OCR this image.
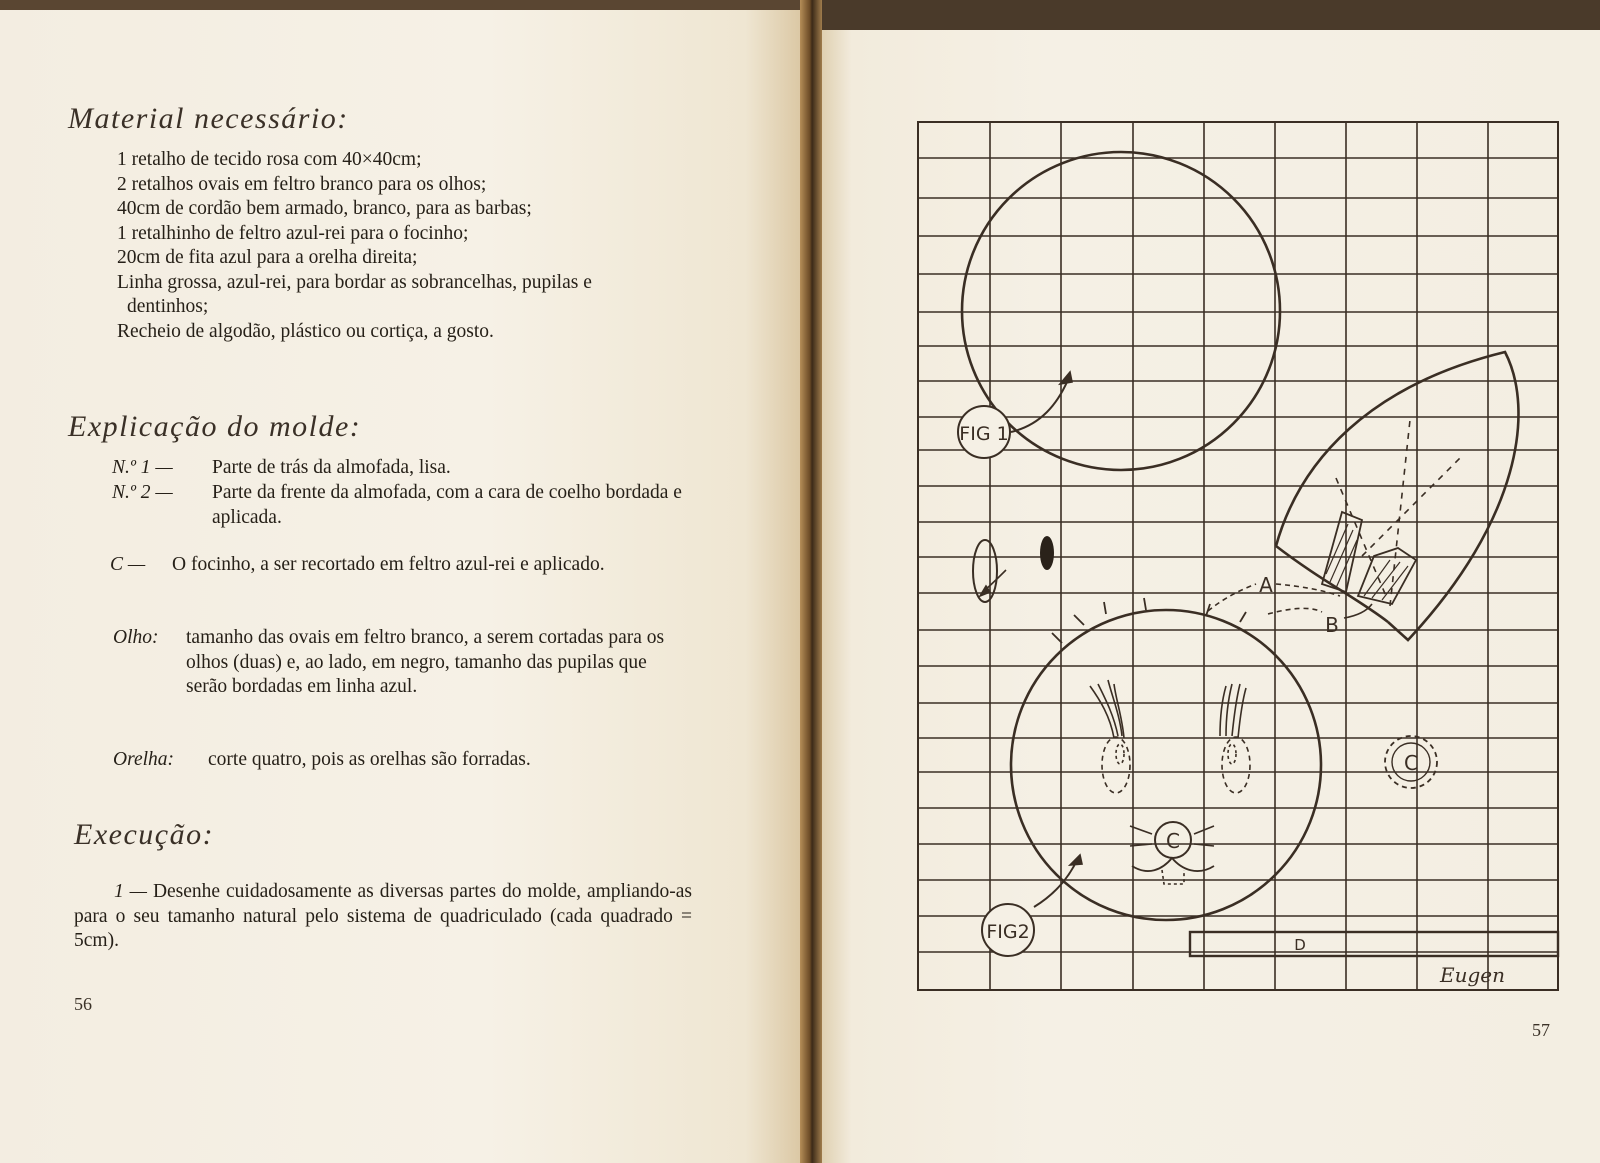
Material necessário:
1 retalho de tecido rosa com 40×40cm;
2 retalhos ovais em feltro branco para os olhos;
40cm de cordão bem armado, branco, para as barbas;
1 retalhinho de feltro azul-rei para o focinho;
20cm de fita azul para a orelha direita;
Linha grossa, azul-rei, para bordar as sobrancelhas, pupilas e dentinhos;
Recheio de algodão, plástico ou cortiça, a gosto.
Explicação do molde:
N.º 1 — Parte de trás da almofada, lisa.
N.º 2 — Parte da frente da almofada, com a cara de coelho bordada e aplicada.
C — O focinho, a ser recortado em feltro azul-rei e aplicado.
Olho: tamanho das ovais em feltro branco, a serem cortadas para os olhos (duas) e, ao lado, em negro, tamanho das pupilas que serão bordadas em linha azul.
Orelha: corte quatro, pois as orelhas são forradas.
Execução:
1 — Desenhe cuidadosamente as diversas partes do molde, ampliando-as para o seu tamanho natural pelo sistema de quadriculado (cada quadrado = 5cm).
56
FIG 1
FIG2
A
B
C
C
D
Eugen
57
